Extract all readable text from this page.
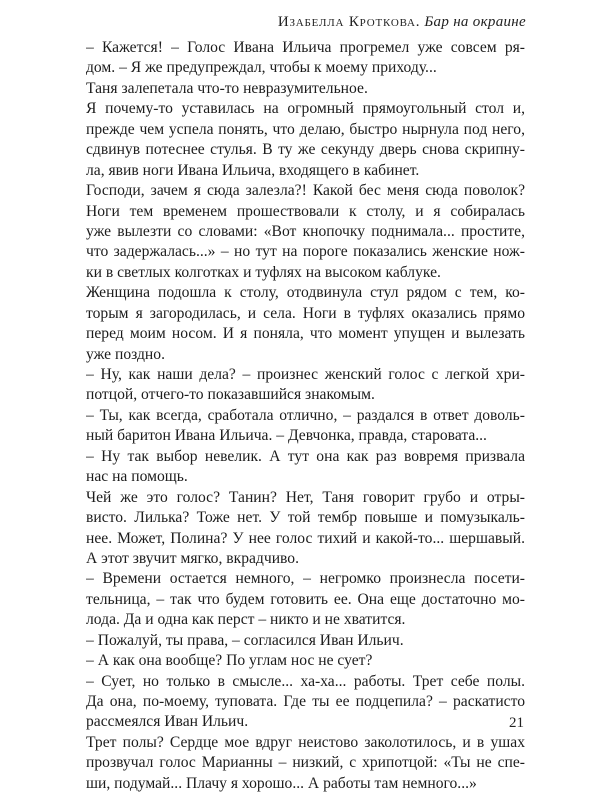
Изабелла Кроткова. Бар на окраине
– Кажется! – Голос Ивана Ильича прогремел уже совсем ря-
дом. – Я же предупреждал, чтобы к моему приходу...
Таня залепетала что-то невразумительное.
Я почему-то уставилась на огромный прямоугольный стол и,
прежде чем успела понять, что делаю, быстро нырнула под него,
сдвинув потеснее стулья. В ту же секунду дверь снова скрипну-
ла, явив ноги Ивана Ильича, входящего в кабинет.
Господи, зачем я сюда залезла?! Какой бес меня сюда поволок?
Ноги тем временем прошествовали к столу, и я собиралась
уже вылезти со словами: «Вот кнопочку поднимала... простите,
что задержалась...» – но тут на пороге показались женские нож-
ки в светлых колготках и туфлях на высоком каблуке.
Женщина подошла к столу, отодвинула стул рядом с тем, ко-
торым я загородилась, и села. Ноги в туфлях оказались прямо
перед моим носом. И я поняла, что момент упущен и вылезать
уже поздно.
– Ну, как наши дела? – произнес женский голос с легкой хри-
потцой, отчего-то показавшийся знакомым.
– Ты, как всегда, сработала отлично, – раздался в ответ доволь-
ный баритон Ивана Ильича. – Девчонка, правда, старовата...
– Ну так выбор невелик. А тут она как раз вовремя призвала
нас на помощь.
Чей же это голос? Танин? Нет, Таня говорит грубо и отры-
висто. Лилька? Тоже нет. У той тембр повыше и помузыкаль-
нее. Может, Полина? У нее голос тихий и какой-то... шершавый.
А этот звучит мягко, вкрадчиво.
– Времени остается немного, – негромко произнесла посети-
тельница, – так что будем готовить ее. Она еще достаточно мо-
лода. Да и одна как перст – никто и не хватится.
– Пожалуй, ты права, – согласился Иван Ильич.
– А как она вообще? По углам нос не сует?
– Сует, но только в смысле... ха-ха... работы. Трет себе полы.
Да она, по-моему, туповата. Где ты ее подцепила? – раскатисто
рассмеялся Иван Ильич.
Трет полы? Сердце мое вдруг неистово заколотилось, и в ушах
прозвучал голос Марианны – низкий, с хрипотцой: «Ты не спе-
ши, подумай... Плачу я хорошо... А работы там немного...»
21
